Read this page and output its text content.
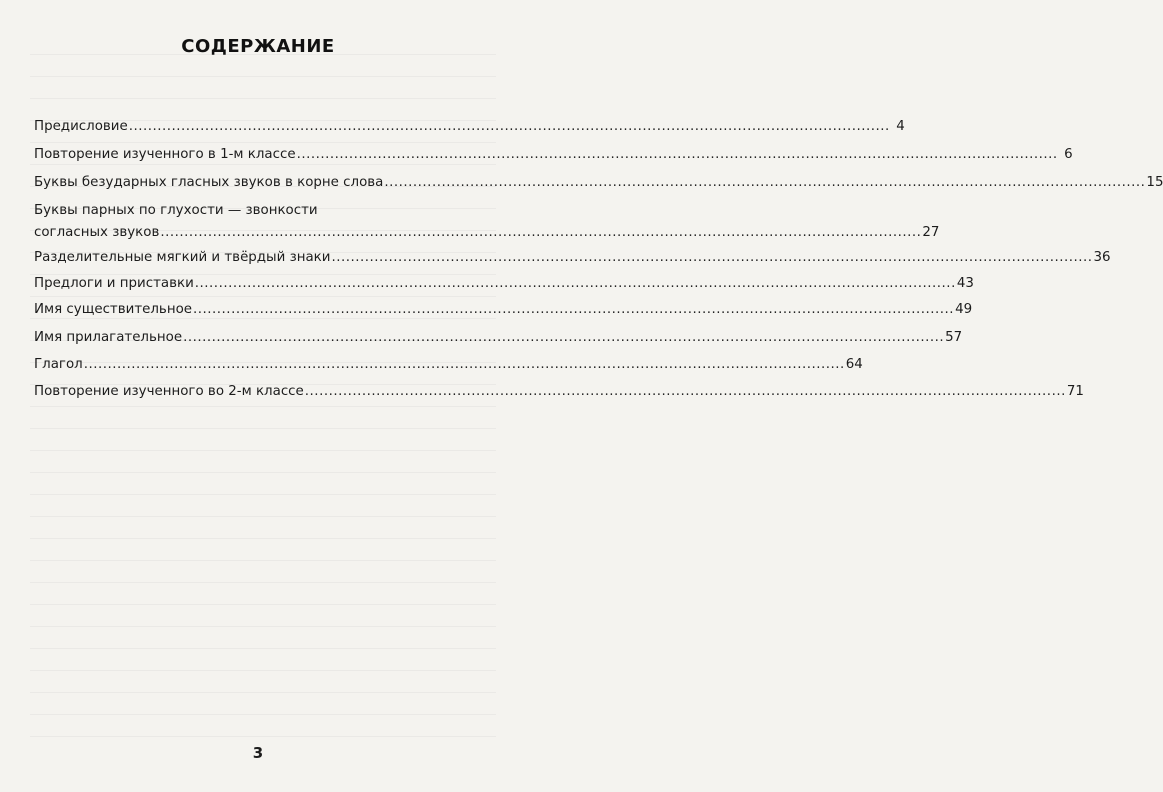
СОДЕРЖАНИЕ
Предисловие ................................................................................................................................................................ 4
Повторение изученного в 1-м классе ................................................................................................................................................................ 6
Буквы безударных гласных звуков в корне слова ................................................................................................................................................................ 15
Буквы парных по глухости — звонкости
согласных звуков ................................................................................................................................................................ 27
Разделительные мягкий и твёрдый знаки ................................................................................................................................................................ 36
Предлоги и приставки ................................................................................................................................................................ 43
Имя существительное ................................................................................................................................................................ 49
Имя прилагательное ................................................................................................................................................................ 57
Глагол ................................................................................................................................................................ 64
Повторение изученного во 2-м классе ................................................................................................................................................................ 71
3
